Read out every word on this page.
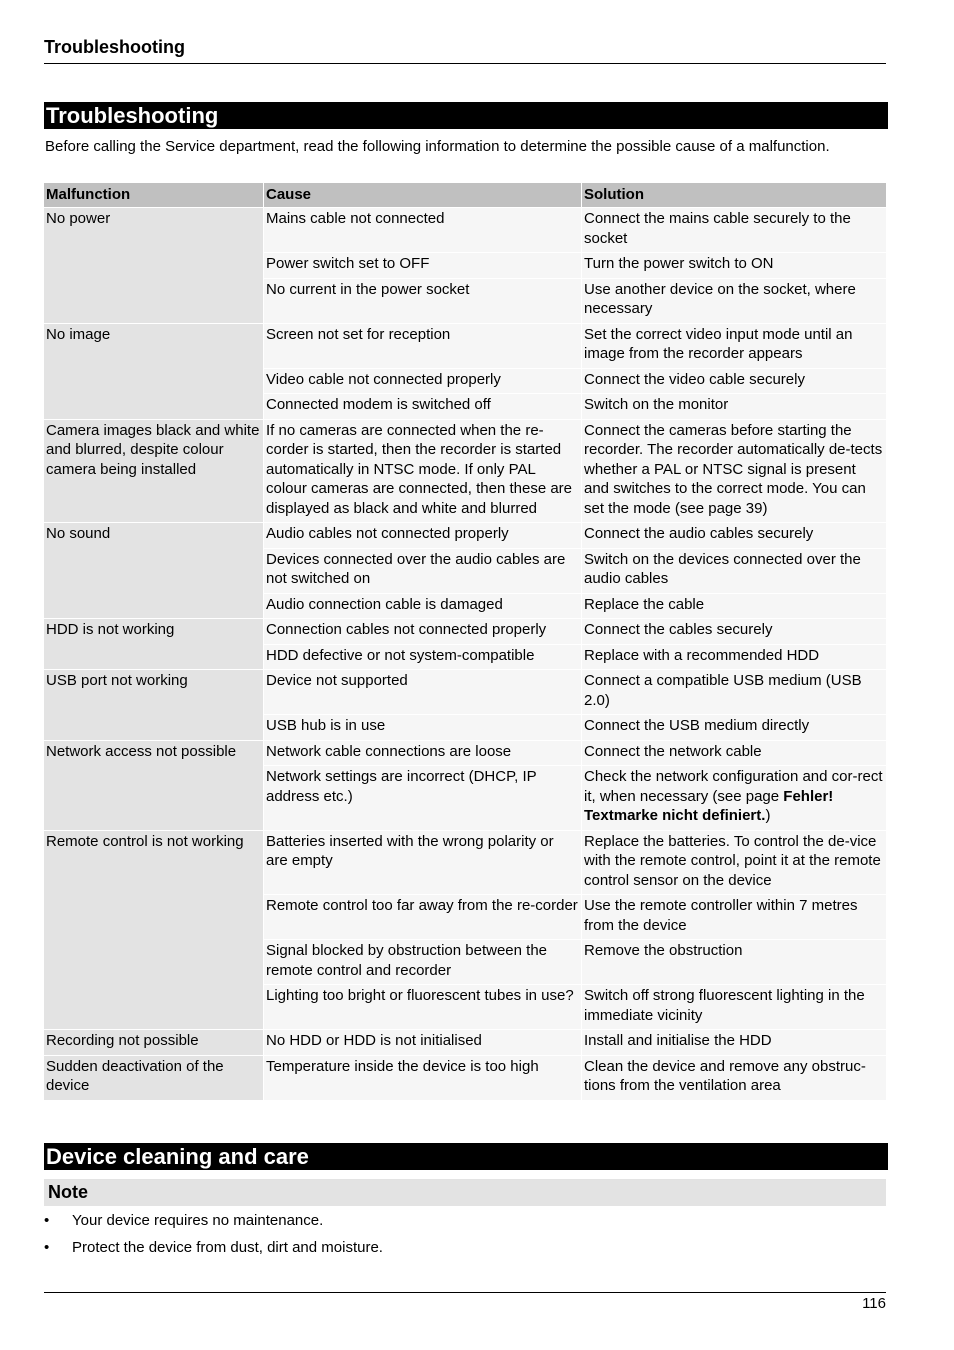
Troubleshooting
Troubleshooting

Before calling the Service department, read the following information to determine the possible cause of a malfunction.

Malfunction	Cause	Solution
No power	Mains cable not connected	Connect the mains cable securely to the socket
	Power switch set to OFF	Turn the power switch to ON
	No current in the power socket	Use another device on the socket, where necessary
No image	Screen not set for reception	Set the correct video input mode until an image from the recorder appears
	Video cable not connected properly	Connect the video cable securely
	Connected modem is switched off	Switch on the monitor
Camera images black and white and blurred, despite colour camera being installed	If no cameras are connected when the re-corder is started, then the recorder is started automatically in NTSC mode. If only PAL colour cameras are connected, then these are displayed as black and white and blurred	Connect the cameras before starting the recorder. The recorder automatically de-tects whether a PAL or NTSC signal is present and switches to the correct mode. You can set the mode (see page 39)
No sound	Audio cables not connected properly	Connect the audio cables securely
	Devices connected over the audio cables are not switched on	Switch on the devices connected over the audio cables
	Audio connection cable is damaged	Replace the cable
HDD is not working	Connection cables not connected properly	Connect the cables securely
	HDD defective or not system-compatible	Replace with a recommended HDD
USB port not working	Device not supported	Connect a compatible USB medium (USB 2.0)
	USB hub is in use	Connect the USB medium directly
Network access not possible	Network cable connections are loose	Connect the network cable
	Network settings are incorrect (DHCP, IP address etc.)	Check the network configuration and cor-rect it, when necessary (see page Fehler! Textmarke nicht definiert.)
Remote control is not working	Batteries inserted with the wrong polarity or are empty	Replace the batteries. To control the de-vice with the remote control, point it at the remote control sensor on the device
	Remote control too far away from the re-corder	Use the remote controller within 7 metres from the device
	Signal blocked by obstruction between the remote control and recorder	Remove the obstruction
	Lighting too bright or fluorescent tubes in use?	Switch off strong fluorescent lighting in the immediate vicinity
Recording not possible	No HDD or HDD is not initialised	Install and initialise the HDD
Sudden deactivation of the device	Temperature inside the device is too high	Clean the device and remove any obstruc-tions from the ventilation area
Device cleaning and care
Note
• Your device requires no maintenance.
• Protect the device from dust, dirt and moisture.
116
